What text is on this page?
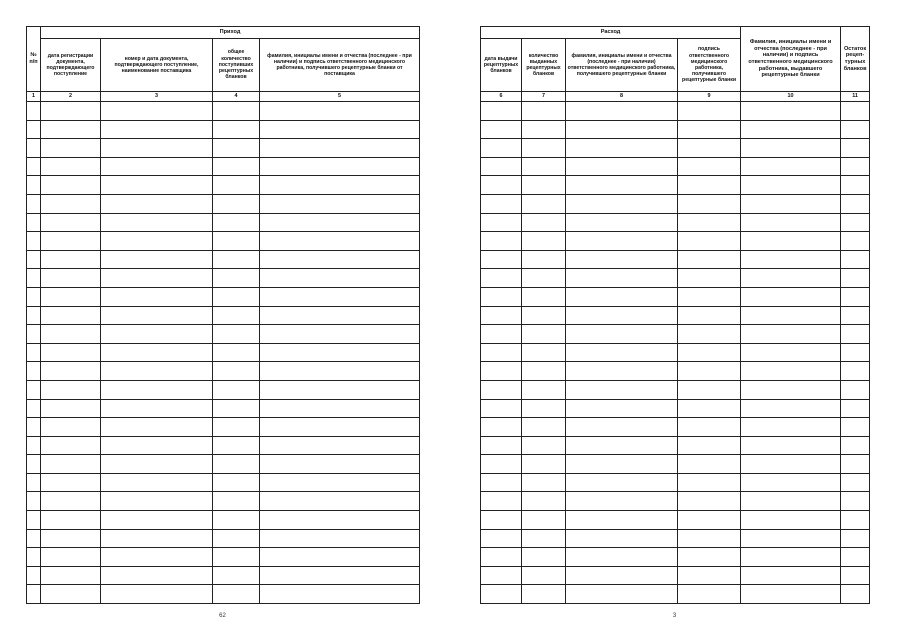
№ п/п	Приход			
	дата регистрации документа, подтверждающего поступление	номер и дата документа, подтверждающего поступление, наименование поставщика	общее количество поступивших рецептурных бланков	фамилия, инициалы имени и отчества (последнее - при наличии) и подпись ответственного медицинского работника, получившего рецептурные бланки от поставщика
1	2	3	4	5

62
Расход				Фамилия, инициалы имени и отчества (последнее - при наличии) и подпись ответственного медицинского работника, выдавшего рецептурные бланки	Остаток рецеп- турных бланков
дата выдачи рецептурных бланков	количество выданных рецептурных бланков	фамилия, инициалы имени и отчества (последнее - при наличии) ответственного медицинского работника, получившего рецептурные бланки	подпись ответственного медицинского работника, получившего рецептурные бланки		
6	7	8	9	10	11

3
